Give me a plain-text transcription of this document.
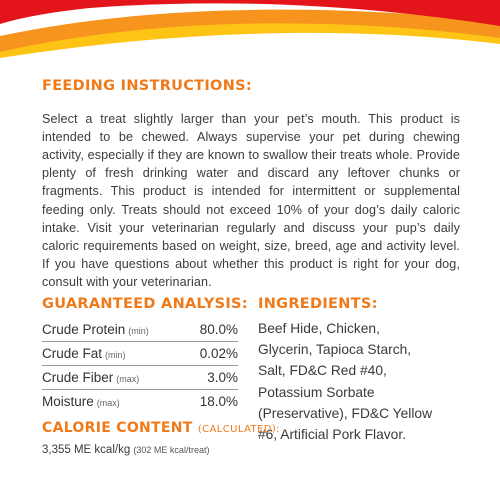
FEEDING INSTRUCTIONS:

Select a treat slightly larger than your pet’s mouth. This product is intended to be chewed. Always supervise your pet during chewing activity, especially if they are known to swallow their treats whole. Provide plenty of fresh drinking water and discard any leftover chunks or fragments. This product is intended for intermittent or supplemental feeding only. Treats should not exceed 10% of your dog’s daily caloric intake. Visit your veterinarian regularly and discuss your pup’s daily caloric requirements based on weight, size, breed, age and activity level. If you have questions about whether this product is right for your dog, consult with your veterinarian.

GUARANTEED ANALYSIS:
Crude Protein (min)	80.0%
Crude Fat (min)	0.02%
Crude Fiber (max)	3.0%
Moisture (max)	18.0%
INGREDIENTS:

Beef Hide, Chicken, Glycerin, Tapioca Starch, Salt, FD&C Red #40, Potassium Sorbate (Preservative), FD&C Yellow #6, Artificial Pork Flavor.

CALORIE CONTENT (CALCULATED):
3,355 ME kcal/kg (302 ME kcal/treat)
